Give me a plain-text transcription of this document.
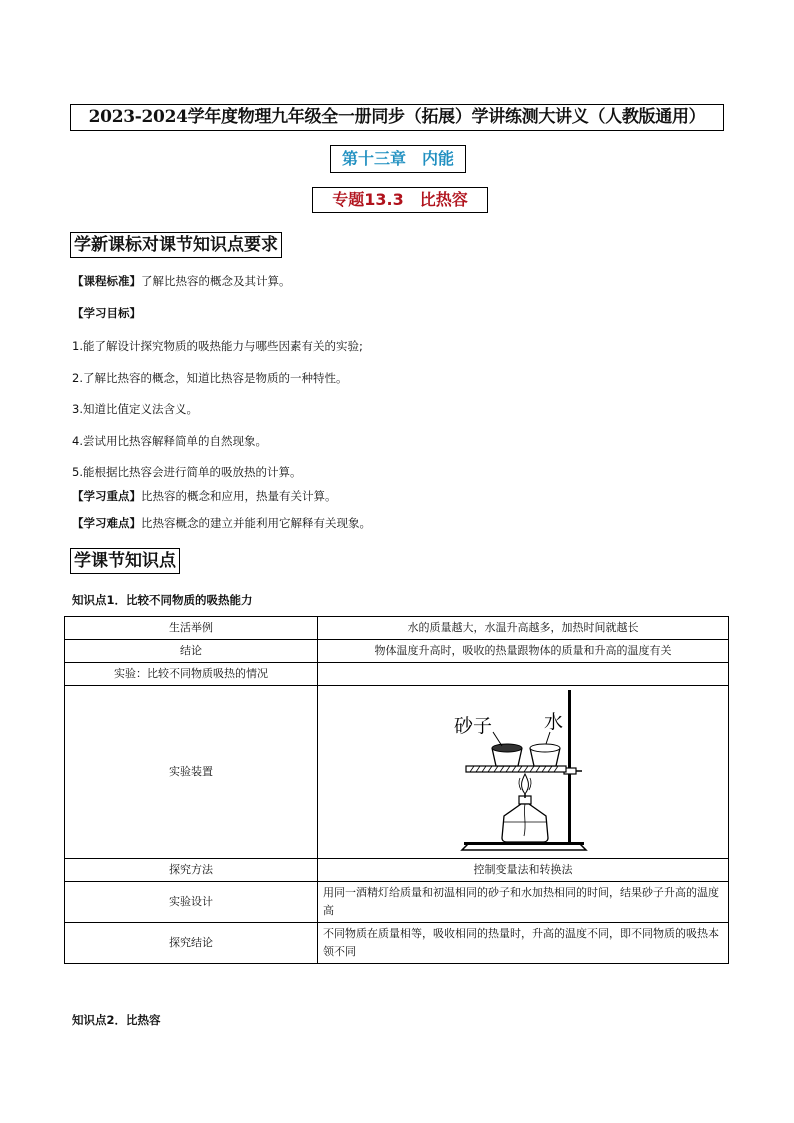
2023-2024学年度物理九年级全一册同步（拓展）学讲练测大讲义（人教版通用）
第十三章　内能
专题13.3　比热容
学新课标对课节知识点要求
【课程标准】了解比热容的概念及其计算。
【学习目标】
1.能了解设计探究物质的吸热能力与哪些因素有关的实验;
2.了解比热容的概念，知道比热容是物质的一种特性。
3.知道比值定义法含义。
4.尝试用比热容解释简单的自然现象。
5.能根据比热容会进行简单的吸放热的计算。
【学习重点】比热容的概念和应用，热量有关计算。
【学习难点】比热容概念的建立并能利用它解释有关现象。
学课节知识点
知识点1．比较不同物质的吸热能力
生活举例	水的质量越大，水温升高越多，加热时间就越长
结论	物体温度升高时，吸收的热量跟物体的质量和升高的温度有关
实验：比较不同物质吸热的情况	
实验装置	砂子 水

探究方法	控制变量法和转换法
实验设计	用同一酒精灯给质量和初温相同的砂子和水加热相同的时间，结果砂子升高的温度高
探究结论	不同物质在质量相等，吸收相同的热量时，升高的温度不同，即不同物质的吸热本领不同
知识点2．比热容
